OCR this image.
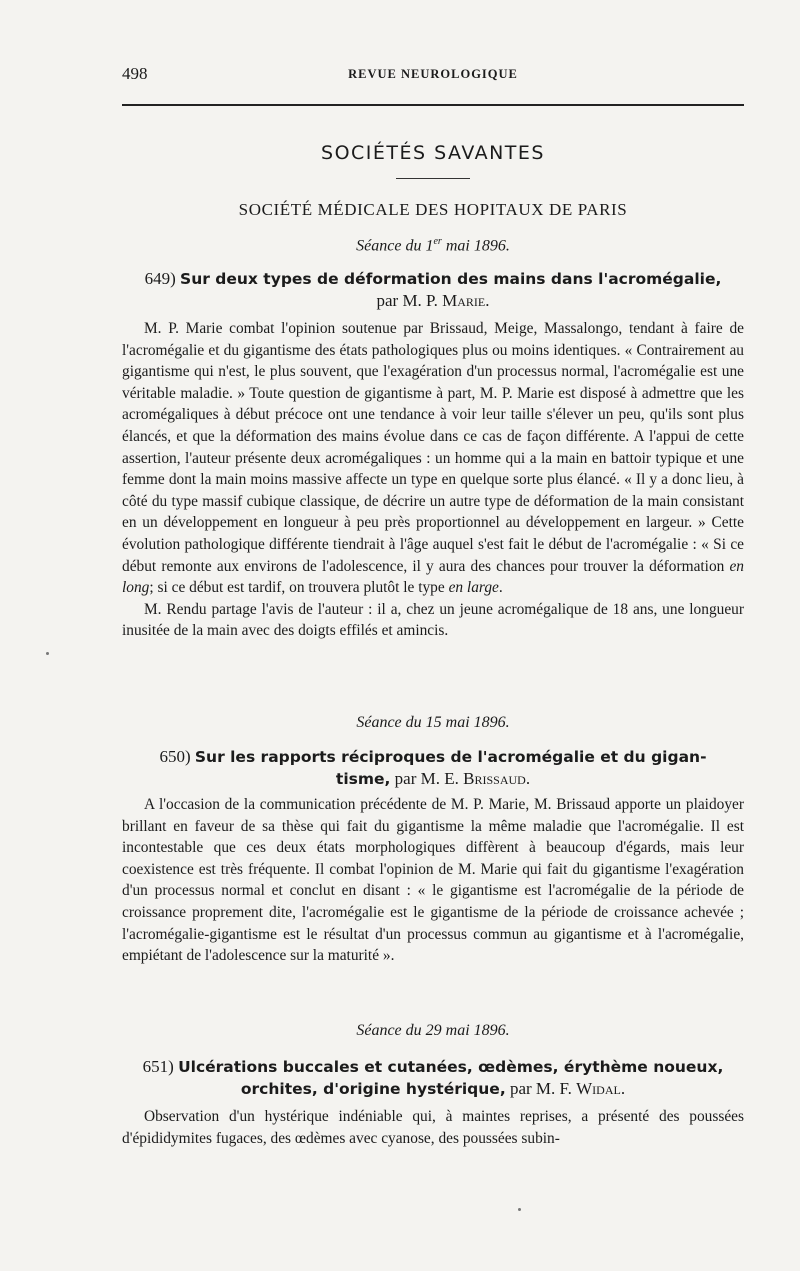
498	REVUE NEUROLOGIQUE
SOCIÉTÉS SAVANTES
SOCIÉTÉ MÉDICALE DES HOPITAUX DE PARIS
Séance du 1er mai 1896.
649) Sur deux types de déformation des mains dans l'acromégalie,
par M. P. Marie.

M. P. Marie combat l'opinion soutenue par Brissaud, Meige, Massalongo, tendant à faire de l'acromégalie et du gigantisme des états pathologiques plus ou moins identiques. « Contrairement au gigantisme qui n'est, le plus souvent, que l'exagération d'un processus normal, l'acromégalie est une véritable maladie. » Toute question de gigantisme à part, M. P. Marie est disposé à admettre que les acromégaliques à début précoce ont une tendance à voir leur taille s'élever un peu, qu'ils sont plus élancés, et que la déformation des mains évolue dans ce cas de façon différente. A l'appui de cette assertion, l'auteur présente deux acromégaliques : un homme qui a la main en battoir typique et une femme dont la main moins massive affecte un type en quelque sorte plus élancé. « Il y a donc lieu, à côté du type massif cubique classique, de décrire un autre type de déformation de la main consistant en un développement en longueur à peu près proportionnel au développement en largeur. » Cette évolution pathologique différente tiendrait à l'âge auquel s'est fait le début de l'acromégalie : « Si ce début remonte aux environs de l'adolescence, il y aura des chances pour trouver la déformation en long; si ce début est tardif, on trouvera plutôt le type en large.

M. Rendu partage l'avis de l'auteur : il a, chez un jeune acromégalique de 18 ans, une longueur inusitée de la main avec des doigts effilés et amincis.

Séance du 15 mai 1896.
650) Sur les rapports réciproques de l'acromégalie et du gigan-
tisme, par M. E. Brissaud.

A l'occasion de la communication précédente de M. P. Marie, M. Brissaud apporte un plaidoyer brillant en faveur de sa thèse qui fait du gigantisme la même maladie que l'acromégalie. Il est incontestable que ces deux états morphologiques diffèrent à beaucoup d'égards, mais leur coexistence est très fréquente. Il combat l'opinion de M. Marie qui fait du gigantisme l'exagération d'un processus normal et conclut en disant : « le gigantisme est l'acromégalie de la période de croissance proprement dite, l'acromégalie est le gigantisme de la période de croissance achevée ; l'acromégalie-gigantisme est le résultat d'un processus commun au gigantisme et à l'acromégalie, empiétant de l'adolescence sur la maturité ».

Séance du 29 mai 1896.
651) Ulcérations buccales et cutanées, œdèmes, érythème noueux,
orchites, d'origine hystérique, par M. F. Widal.

Observation d'un hystérique indéniable qui, à maintes reprises, a présenté des poussées d'épididymites fugaces, des œdèmes avec cyanose, des poussées subin-
